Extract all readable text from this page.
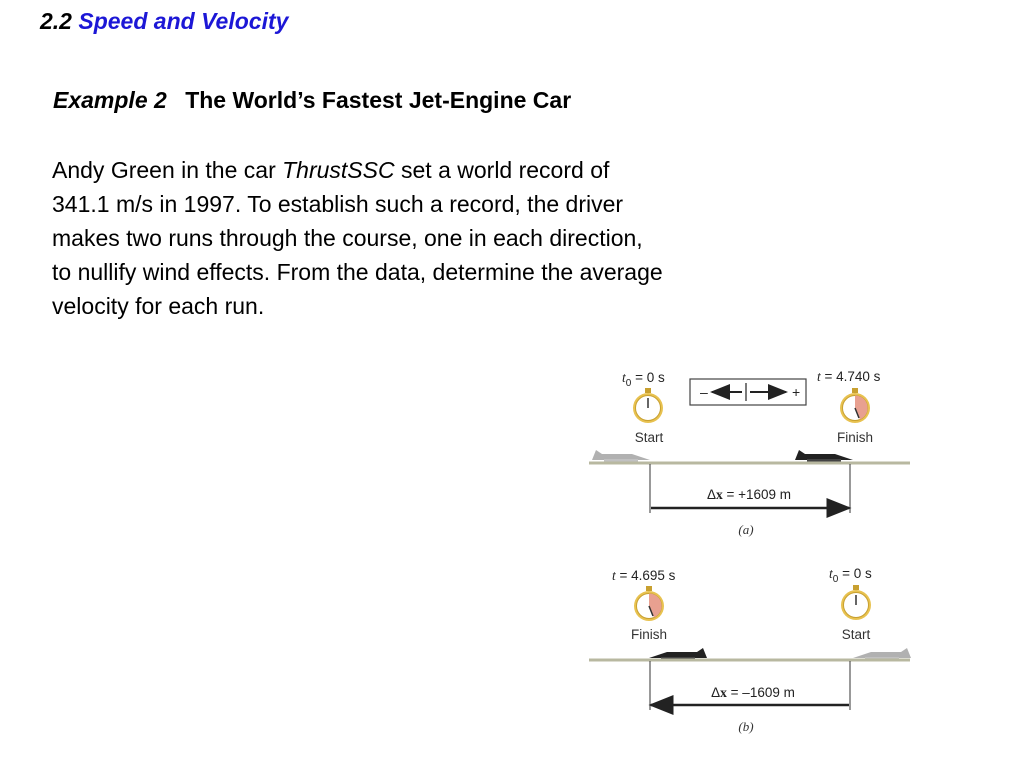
2.2 Speed and Velocity
Example 2 The World’s Fastest Jet-Engine Car
Andy Green in the car ThrustSSC set a world record of
341.1 m/s in 1997. To establish such a record, the driver
makes two runs through the course, one in each direction,
to nullify wind effects. From the data, determine the average
velocity for each run.
$t_0 = 0$ s
Start
–	+
t = 4.740 s
Finish
Δx = +1609 m
(a)
t = 4.695 s
Finish
$t_0 = 0$ s
Start
Δx = –1609 m
(b)
